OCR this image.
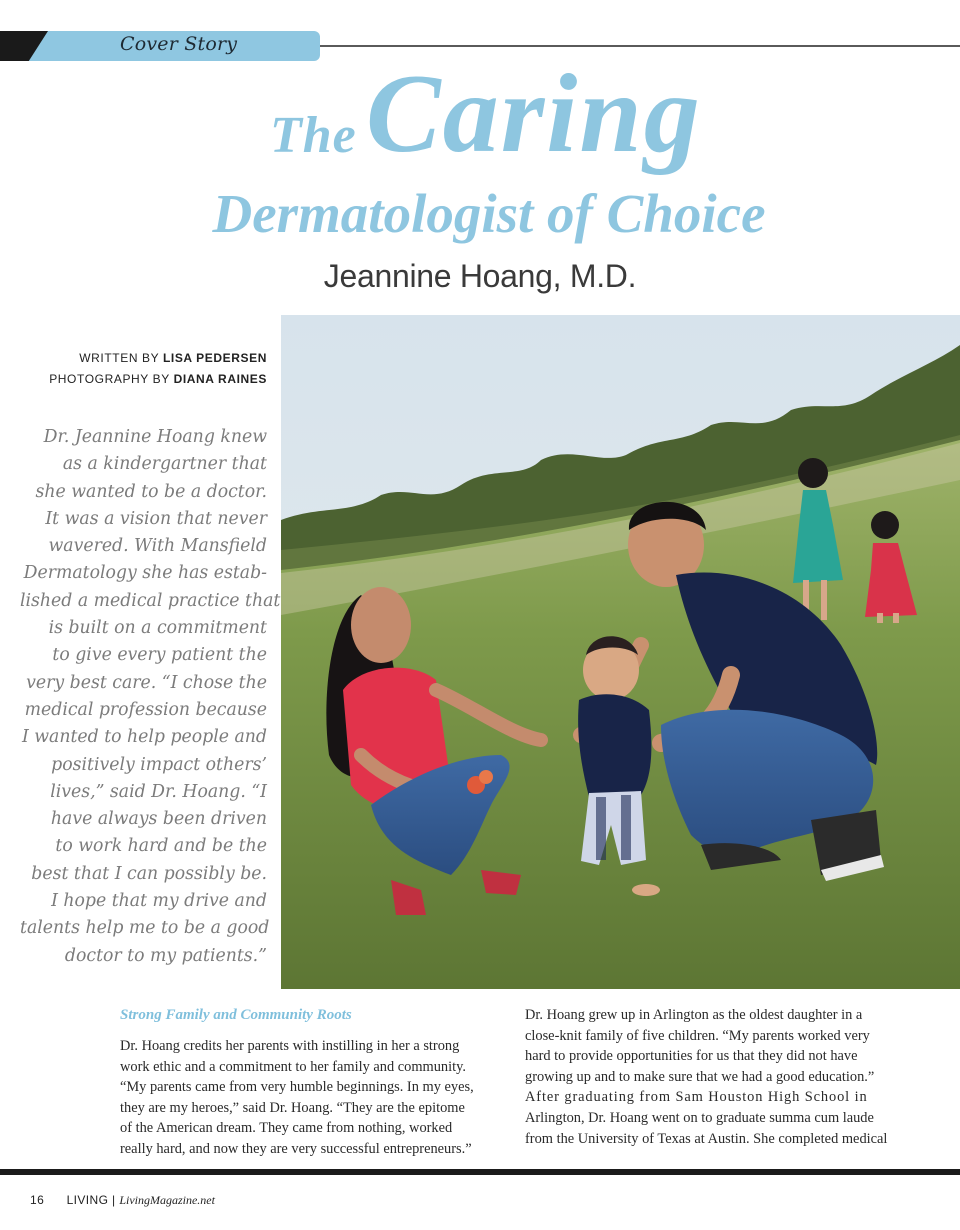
Cover Story
The Caring
Dermatologist of Choice
Jeannine Hoang, M.D.
WRITTEN BY LISA PEDERSEN
PHOTOGRAPHY BY DIANA RAINES
Dr. Jeannine Hoang knew
as a kindergartner that
she wanted to be a doctor.
It was a vision that never
wavered. With Mansfield
Dermatology she has estab-
lished a medical practice that
is built on a commitment
to give every patient the
very best care. “I chose the
medical profession because
I wanted to help people and
positively impact others’
lives,” said Dr. Hoang. “I
have always been driven
to work hard and be the
best that I can possibly be.
I hope that my drive and
talents help me to be a good
doctor to my patients.”
Strong Family and Community Roots
Dr. Hoang credits her parents with instilling in her a strong
work ethic and a commitment to her family and community.
“My parents came from very humble beginnings. In my eyes,
they are my heroes,” said Dr. Hoang. “They are the epitome
of the American dream. They came from nothing, worked
really hard, and now they are very successful entrepreneurs.”
Dr. Hoang grew up in Arlington as the oldest daughter in a
close-knit family of five children. “My parents worked very
hard to provide opportunities for us that they did not have
growing up and to make sure that we had a good education.”
After graduating from Sam Houston High School in
Arlington, Dr. Hoang went on to graduate summa cum laude
from the University of Texas at Austin. She completed medical
16 LIVING | LivingMagazine.net
